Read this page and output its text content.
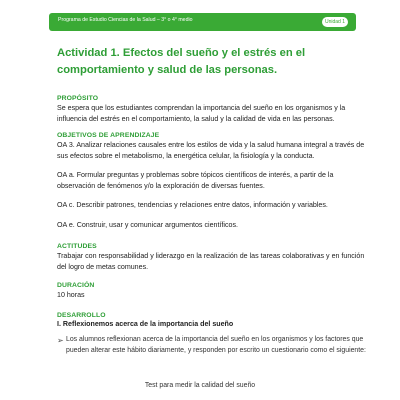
Programa de Estudio Ciencias de la Salud – 3° o 4° medio	Unidad 1
Actividad 1. Efectos del sueño y el estrés en el comportamiento y salud de las personas.
PROPÓSITO
Se espera que los estudiantes comprendan la importancia del sueño en los organismos y la influencia del estrés en el comportamiento, la salud y la calidad de vida en las personas.
OBJETIVOS DE APRENDIZAJE
OA 3. Analizar relaciones causales entre los estilos de vida y la salud humana integral a través de sus efectos sobre el metabolismo, la energética celular, la fisiología y la conducta.
OA a. Formular preguntas y problemas sobre tópicos científicos de interés, a partir de la observación de fenómenos y/o la exploración de diversas fuentes.
OA c. Describir patrones, tendencias y relaciones entre datos, información y variables.
OA e. Construir, usar y comunicar argumentos científicos.
ACTITUDES
Trabajar con responsabilidad y liderazgo en la realización de las tareas colaborativas y en función del logro de metas comunes.
DURACIÓN
10 horas
DESARROLLO
I. Reflexionemos acerca de la importancia del sueño
➢ Los alumnos reflexionan acerca de la importancia del sueño en los organismos y los factores que pueden alterar este hábito diariamente, y responden por escrito un cuestionario como el siguiente:
Test para medir la calidad del sueño
